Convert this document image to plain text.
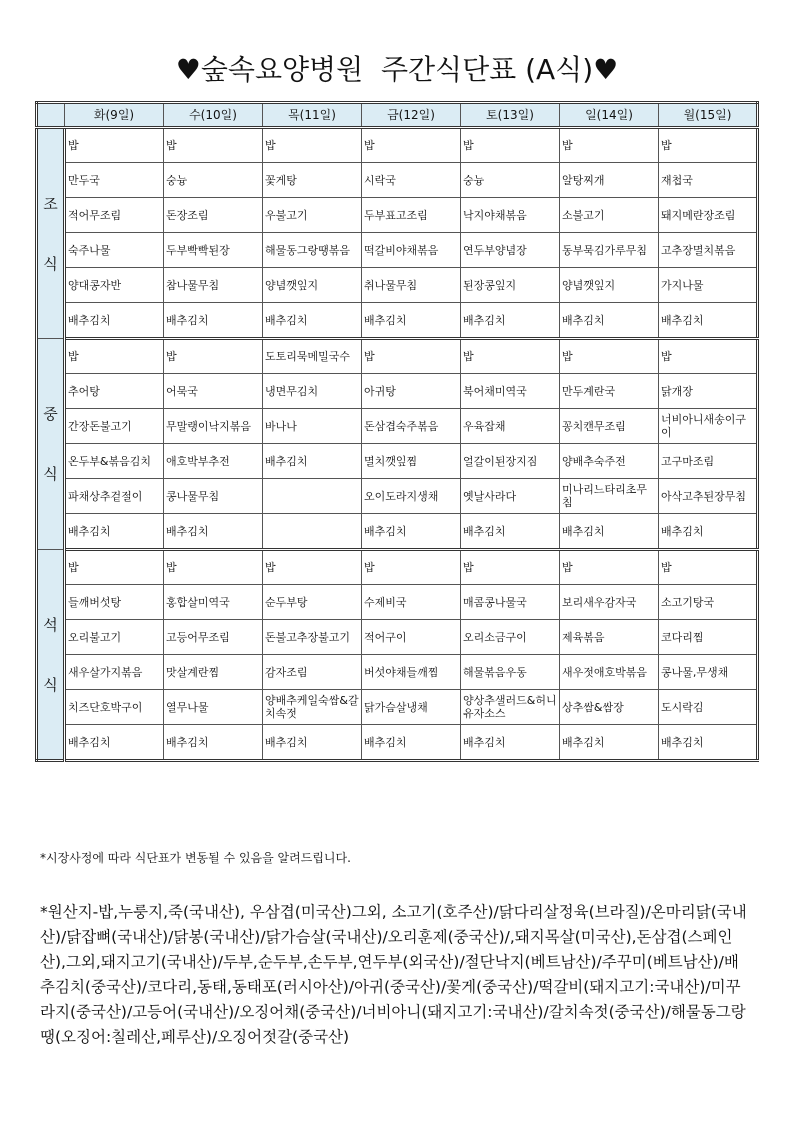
♥숲속요양병원  주간식단표 (A식)♥
	화(9일)	수(10일)	목(11일)	금(12일)	토(13일)	일(14일)	월(15일)
조

식	밥	밥	밥	밥	밥	밥	밥
	만두국	숭늉	꽃게탕	시락국	숭늉	알탕찌개	재첩국
	적어무조림	돈장조림	우불고기	두부표고조림	낙지야채볶음	소불고기	돼지메란장조림
	숙주나물	두부빡빡된장	해물동그랑땡볶음	떡갈비야채볶음	연두부양념장	동부묵김가루무침	고추장멸치볶음
	양대콩자반	참나물무침	양념깻잎지	취나물무침	된장콩잎지	양념깻잎지	가지나물
	배추김치	배추김치	배추김치	배추김치	배추김치	배추김치	배추김치
중

식	밥	밥	도토리묵메밀국수	밥	밥	밥	밥
	추어탕	어묵국	냉면무김치	아귀탕	북어채미역국	만두계란국	닭개장
	간장돈불고기	무말랭이낙지볶음	바나나	돈삼겹숙주볶음	우육잡채	꽁치캔무조림	너비아니새송이구이
	온두부&볶음김치	애호박부추전	배추김치	멸치깻잎찜	얼갈이된장지짐	양배추숙주전	고구마조림
	파채상추겉절이	콩나물무침		오이도라지생채	옛날사라다	미나리느타리초무침	아삭고추된장무침
	배추김치	배추김치		배추김치	배추김치	배추김치	배추김치
석

식	밥	밥	밥	밥	밥	밥	밥
	들깨버섯탕	홍합살미역국	순두부탕	수제비국	매콤콩나물국	보리새우감자국	소고기탕국
	오리불고기	고등어무조림	돈불고추장불고기	적어구이	오리소금구이	제육볶음	코다리찜
	새우살가지볶음	맛살계란찜	감자조림	버섯야채들깨찜	해물볶음우동	새우젓애호박볶음	콩나물,무생채
	치즈단호박구이	열무나물	양배추케일숙쌈&갈치속젓	닭가슴살냉채	양상추샐러드&허니유자소스	상추쌈&쌈장	도시락김
	배추김치	배추김치	배추김치	배추김치	배추김치	배추김치	배추김치
*시장사정에 따라 식단표가 변동될 수 있음을 알려드립니다.
*원산지-밥,누룽지,죽(국내산), 우삼겹(미국산)그외, 소고기(호주산)/닭다리살정육(브라질)/온마리닭(국내산)/닭잡뼈(국내산)/닭봉(국내산)/닭가슴살(국내산)/오리훈제(중국산)/,돼지목살(미국산),돈삼겹(스페인산),그외,돼지고기(국내산)/두부,순두부,손두부,연두부(외국산)/절단낙지(베트남산)/주꾸미(베트남산)/배추김치(중국산)/코다리,동태,동태포(러시아산)/아귀(중국산)/꽃게(중국산)/떡갈비(돼지고기:국내산)/미꾸라지(중국산)/고등어(국내산)/오징어채(중국산)/너비아니(돼지고기:국내산)/갈치속젓(중국산)/해물동그랑땡(오징어:칠레산,페루산)/오징어젓갈(중국산)
